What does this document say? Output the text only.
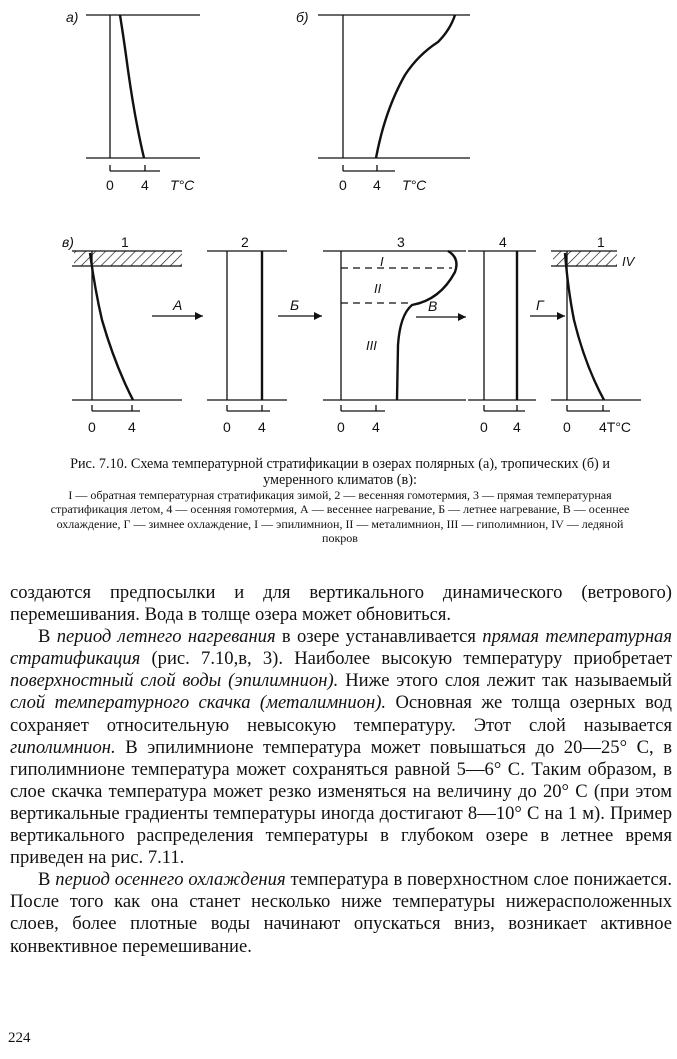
а)
0 4 T°C
б)
0 4 T°C
в)	1
0 4
А
2
0 4
Б
3
I
II
III
0 4
В
4
0 4
Г
1
IV
0 4T°C
Рис. 7.10. Схема температурной стратификации в озерах полярных (а), тропических (б) и умеренного климатов (в):
I — обратная температурная стратификация зимой, 2 — весенняя гомотермия, 3 — прямая температурная стратификация летом, 4 — осенняя гомотермия, А — весеннее нагревание, Б — летнее нагревание, В — осеннее охлаждение, Г — зимнее охлаждение, I — эпилимнион, II — металимнион, III — гиполимнион, IV — ледяной покров

создаются предпосылки и для вертикального динамического (ветрового) перемешивания. Вода в толще озера может обновиться.

В период летнего нагревания в озере устанавливается прямая температурная стратификация (рис. 7.10,в, 3). Наиболее высокую температуру приобретает поверхностный слой воды (эпилимнион). Ниже этого слоя лежит так называемый слой температурного скачка (металимнион). Основная же толща озерных вод сохраняет относительную невысокую температуру. Этот слой называется гиполимнион. В эпилимнионе температура может повышаться до 20—25° С, в гиполимнионе температура может сохраняться равной 5—6° С. Таким образом, в слое скачка температура может резко изменяться на величину до 20° С (при этом вертикальные градиенты температуры иногда достигают 8—10° С на 1 м). Пример вертикального распределения температуры в глубоком озере в летнее время приведен на рис. 7.11.

В период осеннего охлаждения температура в поверхностном слое понижается. После того как она станет несколько ниже температуры нижерасположенных слоев, более плотные воды начинают опускаться вниз, возникает активное конвективное перемешивание.

224
